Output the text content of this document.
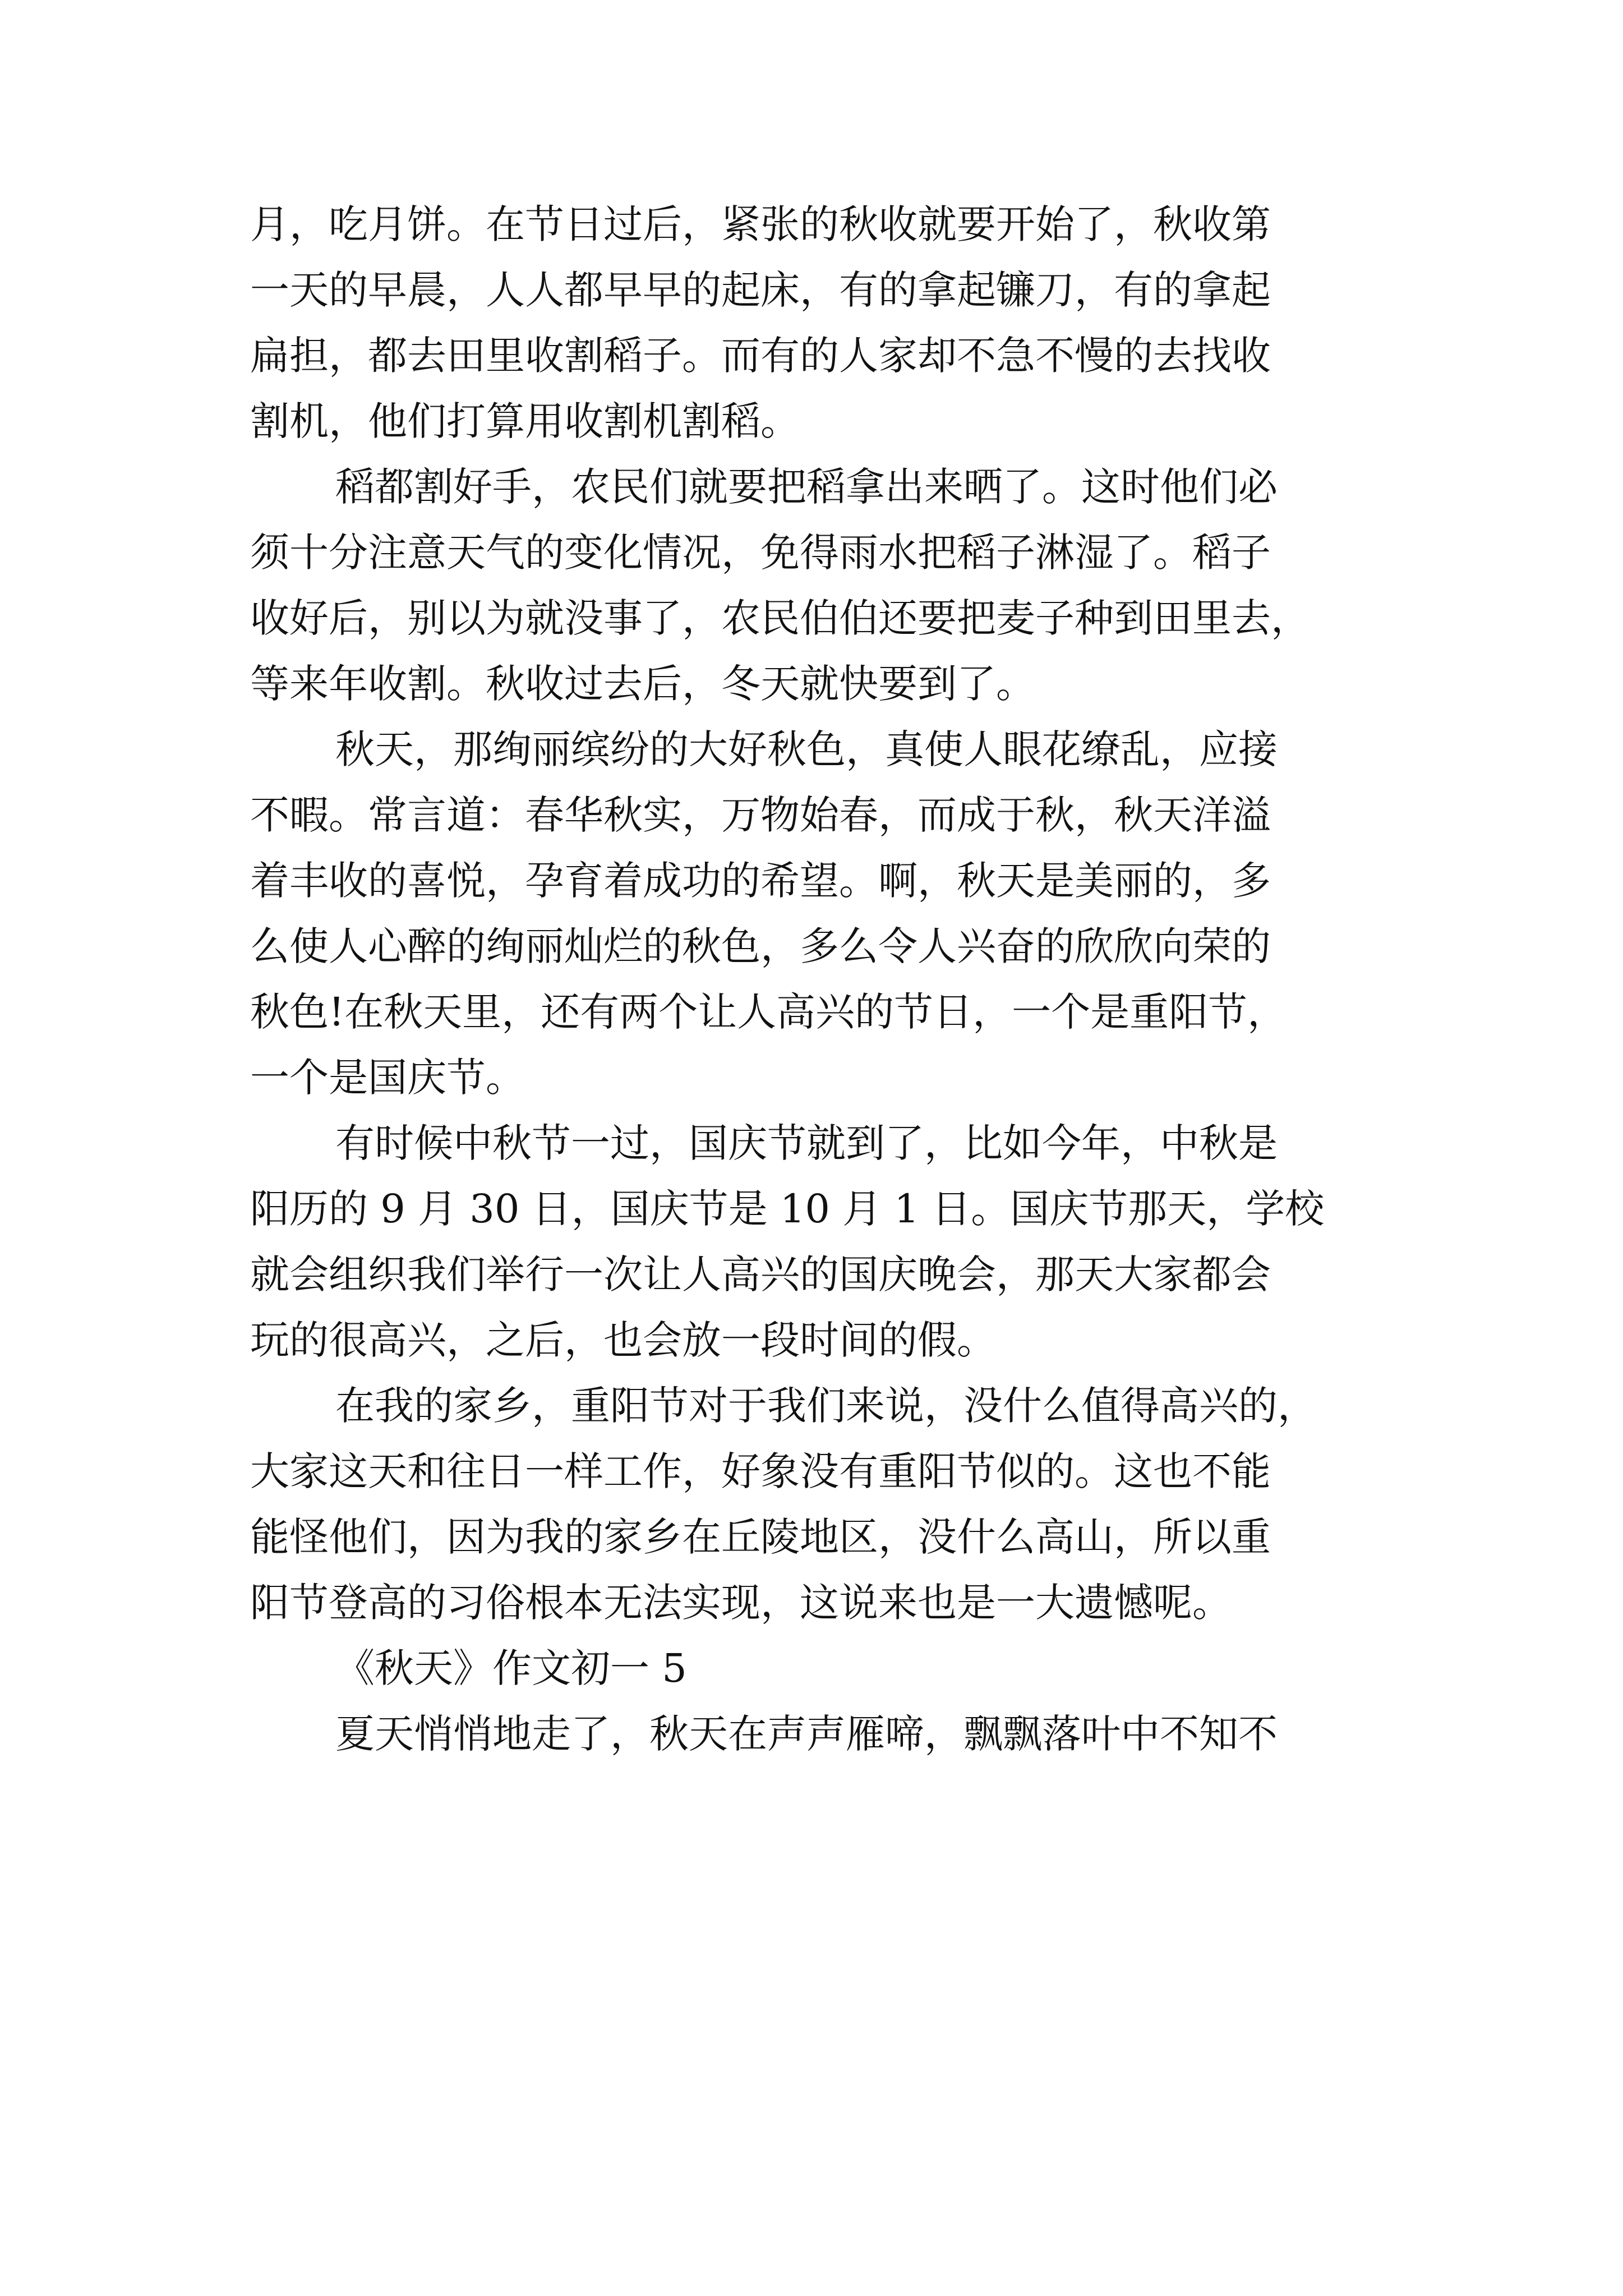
月，吃月饼。在节日过后，紧张的秋收就要开始了，秋收第
一天的早晨，人人都早早的起床，有的拿起镰刀，有的拿起
扁担，都去田里收割稻子。而有的人家却不急不慢的去找收
割机，他们打算用收割机割稻。
稻都割好手，农民们就要把稻拿出来晒了。这时他们必
须十分注意天气的变化情况，免得雨水把稻子淋湿了。稻子
收好后，别以为就没事了，农民伯伯还要把麦子种到田里去，
等来年收割。秋收过去后，冬天就快要到了。
秋天，那绚丽缤纷的大好秋色，真使人眼花缭乱，应接
不暇。常言道：春华秋实，万物始春，而成于秋，秋天洋溢
着丰收的喜悦，孕育着成功的希望。啊，秋天是美丽的，多
么使人心醉的绚丽灿烂的秋色，多么令人兴奋的欣欣向荣的
秋色!在秋天里，还有两个让人高兴的节日，一个是重阳节，
一个是国庆节。
有时候中秋节一过，国庆节就到了，比如今年，中秋是
阳历的 9 月 30 日，国庆节是 10 月 1 日。国庆节那天，学校
就会组织我们举行一次让人高兴的国庆晚会，那天大家都会
玩的很高兴，之后，也会放一段时间的假。
在我的家乡，重阳节对于我们来说，没什么值得高兴的，
大家这天和往日一样工作，好象没有重阳节似的。这也不能
能怪他们，因为我的家乡在丘陵地区，没什么高山，所以重
阳节登高的习俗根本无法实现，这说来也是一大遗憾呢。
《秋天》作文初一 5
夏天悄悄地走了，秋天在声声雁啼，飘飘落叶中不知不
